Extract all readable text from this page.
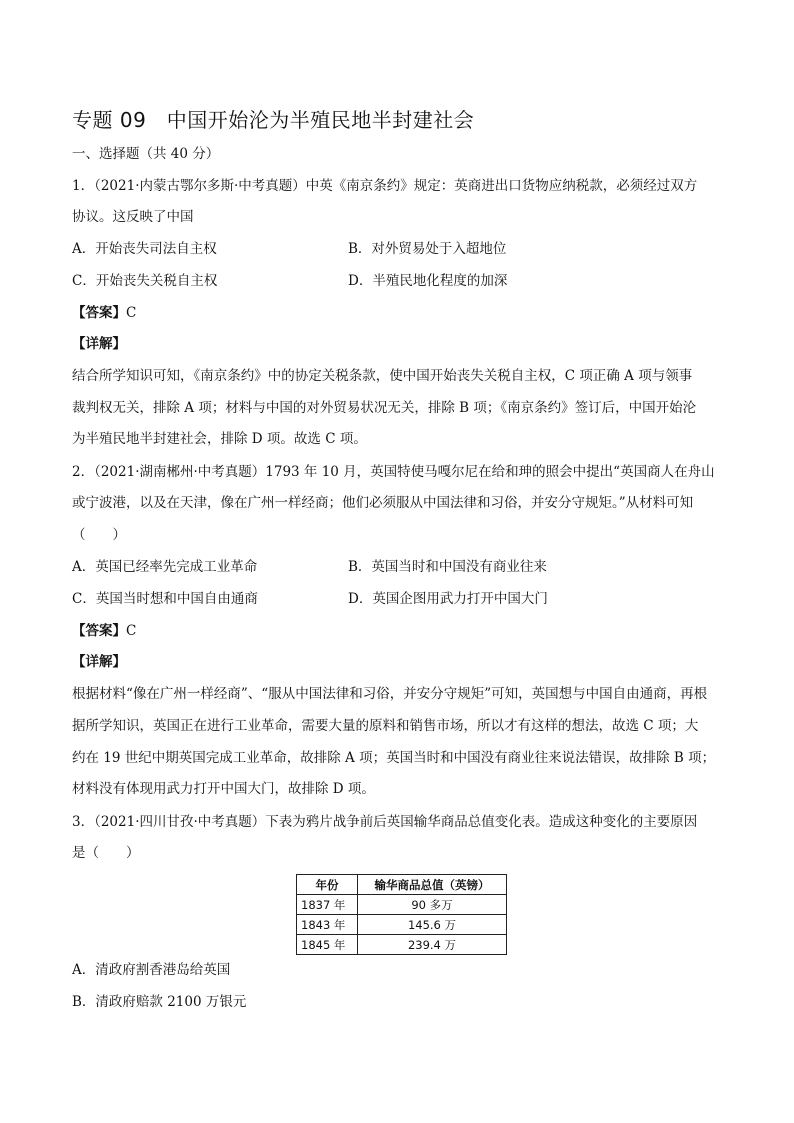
专题 09　中国开始沦为半殖民地半封建社会
一、选择题（共 40 分）
1．（2021·内蒙古鄂尔多斯·中考真题）中英《南京条约》规定：英商进出口货物应纳税款，必须经过双方
协议。这反映了中国
A．开始丧失司法自主权	B．对外贸易处于入超地位
C．开始丧失关税自主权	D．半殖民地化程度的加深
【答案】C
【详解】
结合所学知识可知，《南京条约》中的协定关税条款，使中国开始丧失关税自主权，C 项正确 A 项与领事
裁判权无关，排除 A 项；材料与中国的对外贸易状况无关，排除 B 项；《南京条约》签订后，中国开始沦
为半殖民地半封建社会，排除 D 项。故选 C 项。
2．（2021·湖南郴州·中考真题）1793 年 10 月，英国特使马嘎尔尼在给和珅的照会中提出“英国商人在舟山
或宁波港，以及在天津，像在广州一样经商；他们必须服从中国法律和习俗，并安分守规矩。”从材料可知
（　　）
A．英国已经率先完成工业革命	B．英国当时和中国没有商业往来
C．英国当时想和中国自由通商	D．英国企图用武力打开中国大门
【答案】C
【详解】
根据材料“像在广州一样经商”、“服从中国法律和习俗，并安分守规矩”可知，英国想与中国自由通商，再根
据所学知识，英国正在进行工业革命，需要大量的原料和销售市场，所以才有这样的想法，故选 C 项；大
约在 19 世纪中期英国完成工业革命，故排除 A 项；英国当时和中国没有商业往来说法错误，故排除 B 项；
材料没有体现用武力打开中国大门，故排除 D 项。
3．（2021·四川甘孜·中考真题）下表为鸦片战争前后英国输华商品总值变化表。造成这种变化的主要原因
是（　　）
年份	输华商品总值（英镑）
1837 年	90 多万
1843 年	145.6 万
1845 年	239.4 万
A．清政府割香港岛给英国
B．清政府赔款 2100 万银元
